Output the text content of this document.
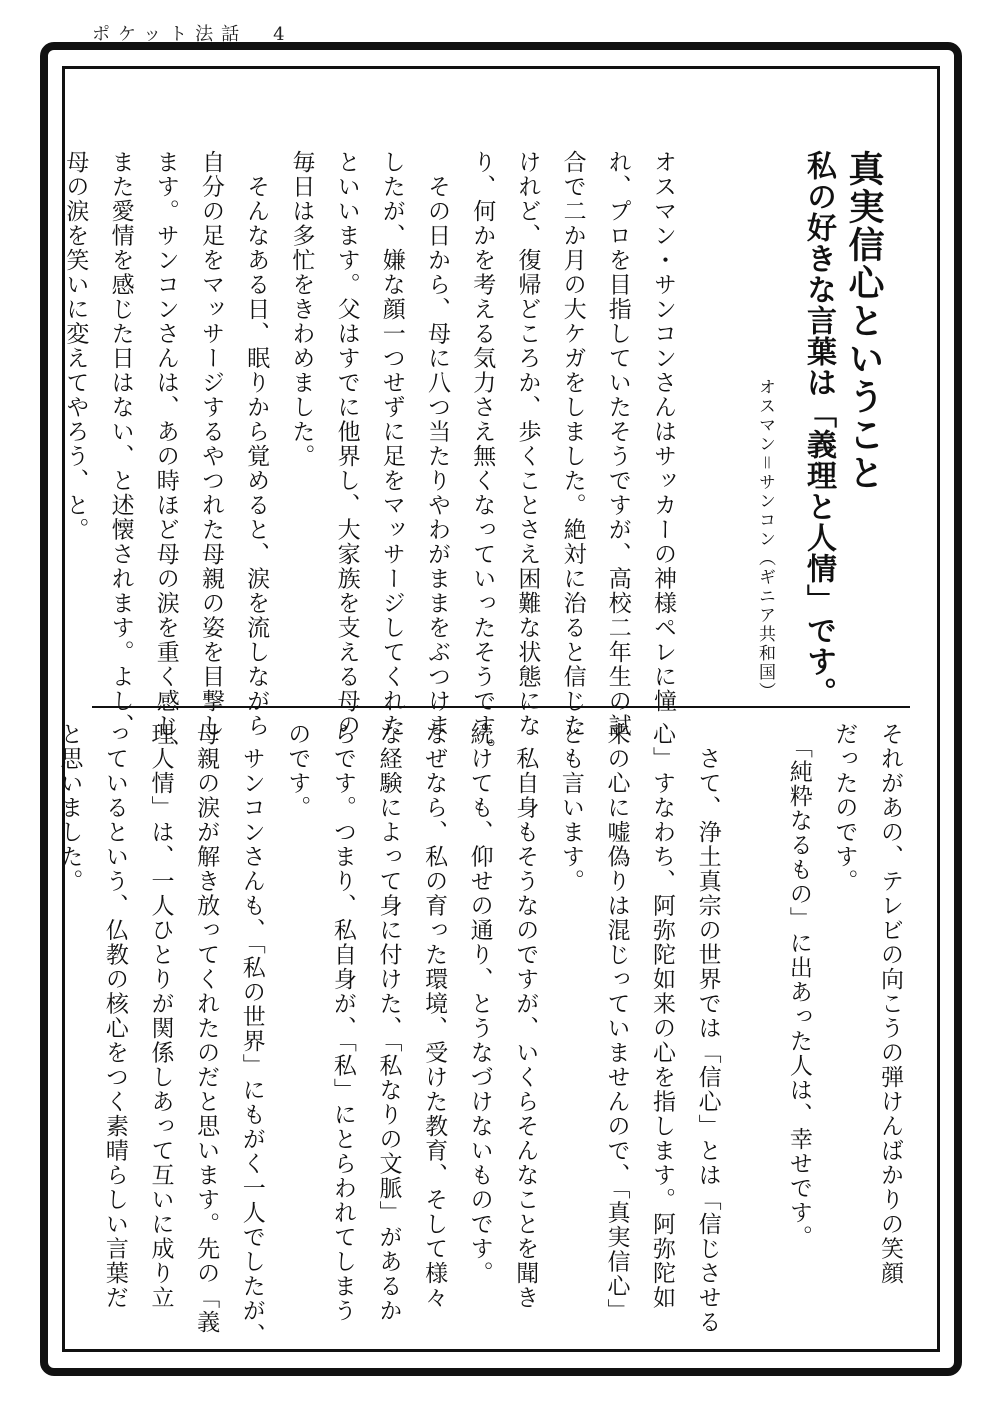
ポケット法話　4
真実信心ということ
私の好きな言葉は「義理と人情」です。
オスマン＝サンコン（ギニア共和国）
オスマン・サンコンさんはサッカーの神様ペレに憧
れ、プロを目指していたそうですが、高校二年生の試
合で二か月の大ケガをしました。絶対に治ると信じた
けれど、復帰どころか、歩くことさえ困難な状態にな
り、何かを考える気力さえ無くなっていったそうです。
　その日から、母に八つ当たりやわがままをぶつけま
したが、嫌な顔一つせずに足をマッサージしてくれた
といいます。父はすでに他界し、大家族を支える母の
毎日は多忙をきわめました。
　そんなある日、眠りから覚めると、涙を流しながら
自分の足をマッサージするやつれた母親の姿を目撃し
ます。サンコンさんは、あの時ほど母の涙を重く感じ、
また愛情を感じた日はない、と述懐されます。よし、
母の涙を笑いに変えてやろう、と。
それがあの、テレビの向こうの弾けんばかりの笑顔
だったのです。
　「純粋なるもの」に出あった人は、幸せです。

　さて、浄土真宗の世界では「信心」とは「信じさせる
心」すなわち、阿弥陀如来の心を指します。阿弥陀如
来の心に嘘偽りは混じっていませんので、「真実信心」
とも言います。
　私自身もそうなのですが、いくらそんなことを聞き
続けても、仰せの通り、とうなづけないものです。
なぜなら、私の育った環境、受けた教育、そして様々
な経験によって身に付けた、「私なりの文脈」があるか
らです。つまり、私自身が、「私」にとらわれてしまう
のです。
　サンコンさんも、「私の世界」にもがく一人でしたが、
母親の涙が解き放ってくれたのだと思います。先の「義
理人情」は、一人ひとりが関係しあって互いに成り立
っているという、仏教の核心をつく素晴らしい言葉だ
と思いました。
